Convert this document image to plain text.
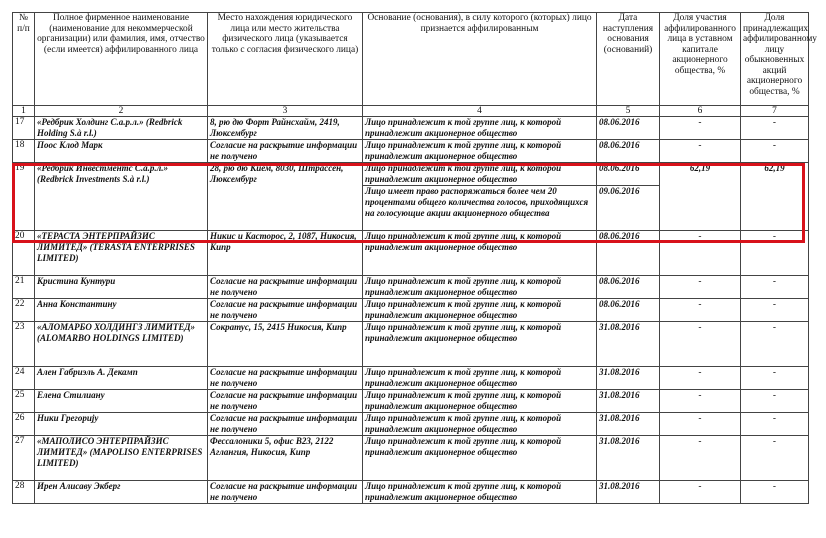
№ п/п	Полное фирменное наименование (наименование для некоммерческой организации) или фамилия, имя, отчество (если имеется) аффилированного лица	Место нахождения юридического лица или место жительства физического лица (указывается только с согласия физического лица)	Основание (основания), в силу которого (которых) лицо признается аффилированным	Дата наступления основания (оснований)	Доля участия аффилированного лица в уставном капитале акционерного общества, %	Доля принадлежащих аффилированному лицу обыкновенных акций акционерного общества, %
1	2	3	4	5	6	7
17	«Редбрик Холдинг С.а.р.л.» (Redbrick Holding S.à r.l.)	8, рю дю Форт Райнсхайм, 2419, Люксембург	Лицо принадлежит к той группе лиц, к которой принадлежит акционерное общество	08.06.2016	-	-
18	Поос Клод Марк	Согласие на раскрытие информации не получено	Лицо принадлежит к той группе лиц, к которой принадлежит акционерное общество	08.06.2016	-	-
19	«Редбрик Инвестментс С.а.р.л.» (Redbrick Investments S.à r.l.)	28, рю дю Кием, 8030, Штрассен, Люксембург	Лицо принадлежит к той группе лиц, к которой принадлежит акционерное общество	08.06.2016	62,19	62,19
			Лицо имеет право распоряжаться более чем 20 процентами общего количества голосов, приходящихся на голосующие акции акционерного общества	09.06.2016		
20	«ТЕРАСТА ЭНТЕРПРАЙЗИС ЛИМИТЕД» (TERASTA ENTERPRISES LIMITED)	Никис и Касторос, 2, 1087, Никосия, Кипр	Лицо принадлежит к той группе лиц, к которой принадлежит акционерное общество	08.06.2016	-	-
21	Кристина Кунтури	Согласие на раскрытие информации не получено	Лицо принадлежит к той группе лиц, к которой принадлежит акционерное общество	08.06.2016	-	-
22	Анна Константину	Согласие на раскрытие информации не получено	Лицо принадлежит к той группе лиц, к которой принадлежит акционерное общество	08.06.2016	-	-
23	«АЛОМАРБО ХОЛДИНГЗ ЛИМИТЕД» (ALOMARBO HOLDINGS LIMITED)	Сократус, 15, 2415 Никосия, Кипр	Лицо принадлежит к той группе лиц, к которой принадлежит акционерное общество	31.08.2016	-	-
24	Ален Габриэль А. Декамп	Согласие на раскрытие информации не получено	Лицо принадлежит к той группе лиц, к которой принадлежит акционерное общество	31.08.2016	-	-
25	Елена Стилиану	Согласие на раскрытие информации не получено	Лицо принадлежит к той группе лиц, к которой принадлежит акционерное общество	31.08.2016	-	-
26	Ники Грегорију	Согласие на раскрытие информации не получено	Лицо принадлежит к той группе лиц, к которой принадлежит акционерное общество	31.08.2016	-	-
27	«МАПОЛИСО ЭНТЕРПРАЙЗИС ЛИМИТЕД» (MAPOLISO ENTERPRISES LIMITED)	Фессалоники 5, офис В23, 2122 Аглангия, Никосия, Кипр	Лицо принадлежит к той группе лиц, к которой принадлежит акционерное общество	31.08.2016	-	-
28	Ирен Алисаву Экберг	Согласие на раскрытие информации не получено	Лицо принадлежит к той группе лиц, к которой принадлежит акционерное общество	31.08.2016	-	-
